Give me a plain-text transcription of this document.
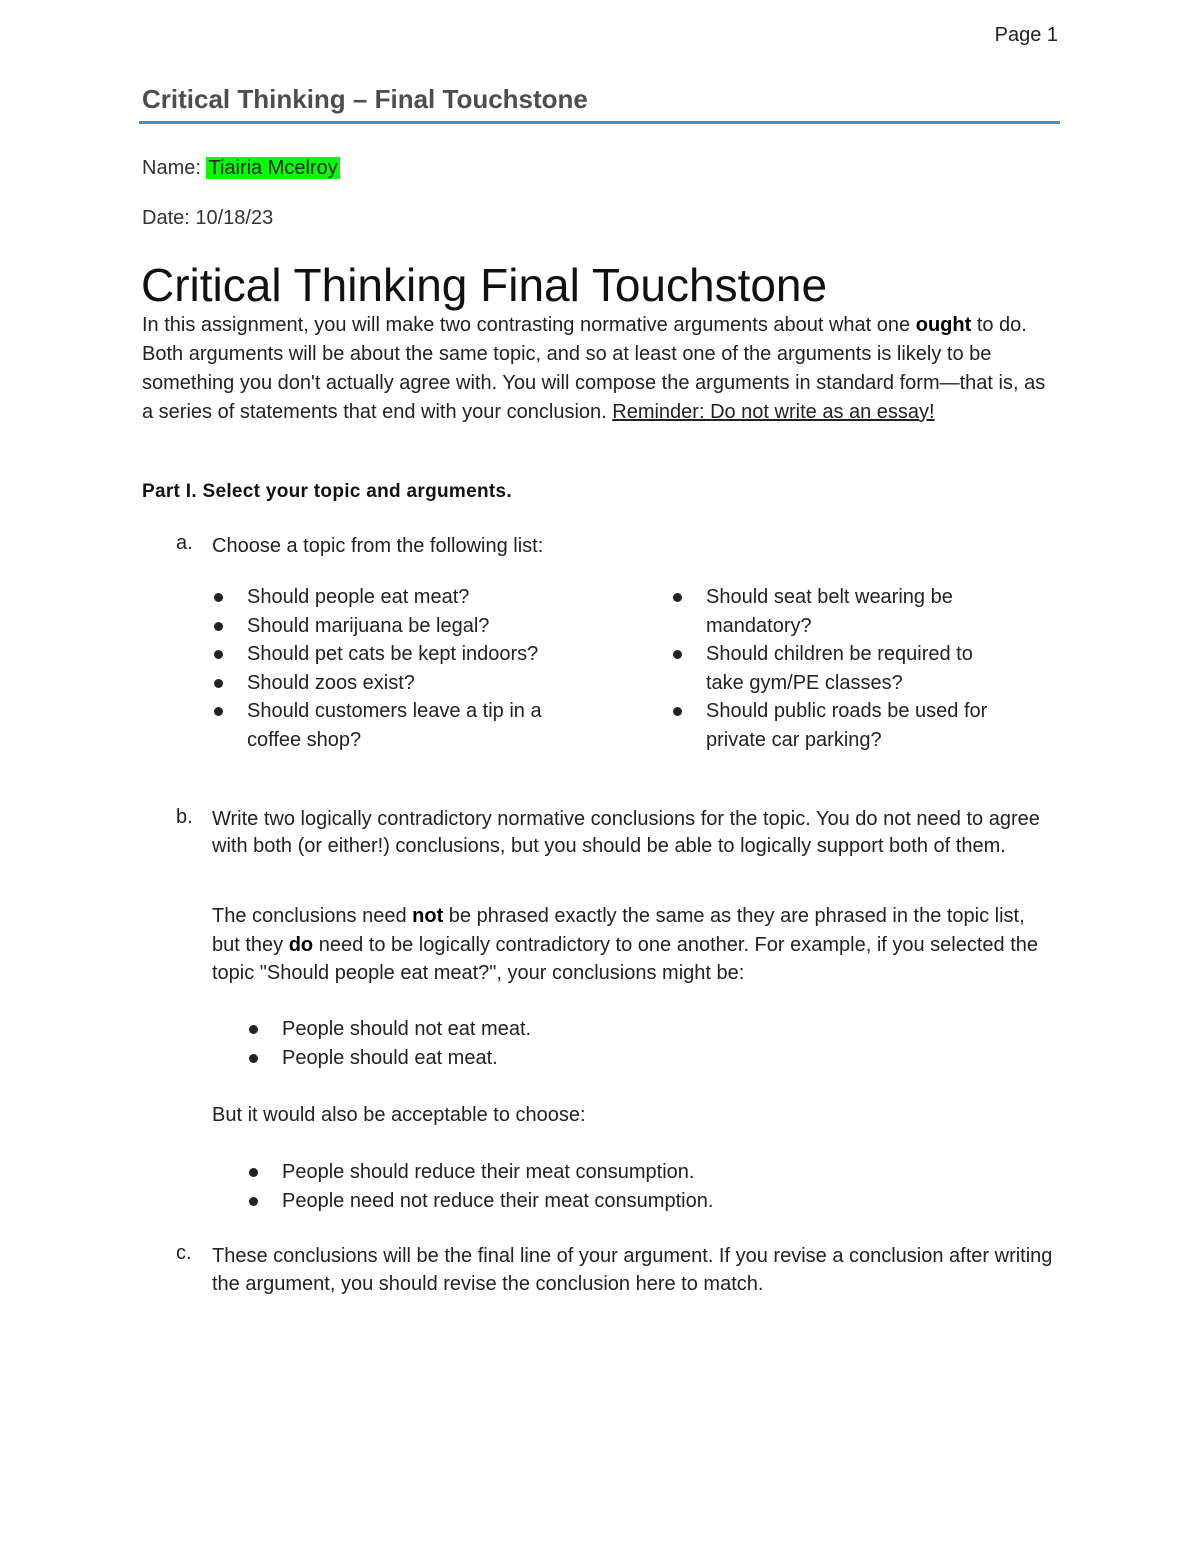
Page 1
Critical Thinking – Final Touchstone
Name: Tiairia Mcelroy
Date: 10/18/23
Critical Thinking Final Touchstone
In this assignment, you will make two contrasting normative arguments about what one ought to do. Both arguments will be about the same topic, and so at least one of the arguments is likely to be something you don't actually agree with. You will compose the arguments in standard form—that is, as a series of statements that end with your conclusion. Reminder: Do not write as an essay!
Part I. Select your topic and arguments.
a. Choose a topic from the following list:
Should people eat meat?
Should marijuana be legal?
Should pet cats be kept indoors?
Should zoos exist?
Should customers leave a tip in a coffee shop?
Should seat belt wearing be mandatory?
Should children be required to take gym/PE classes?
Should public roads be used for private car parking?
b. Write two logically contradictory normative conclusions for the topic. You do not need to agree with both (or either!) conclusions, but you should be able to logically support both of them.
The conclusions need not be phrased exactly the same as they are phrased in the topic list, but they do need to be logically contradictory to one another. For example, if you selected the topic "Should people eat meat?", your conclusions might be:
People should not eat meat.
People should eat meat.
But it would also be acceptable to choose:
People should reduce their meat consumption.
People need not reduce their meat consumption.
c. These conclusions will be the final line of your argument. If you revise a conclusion after writing the argument, you should revise the conclusion here to match.
